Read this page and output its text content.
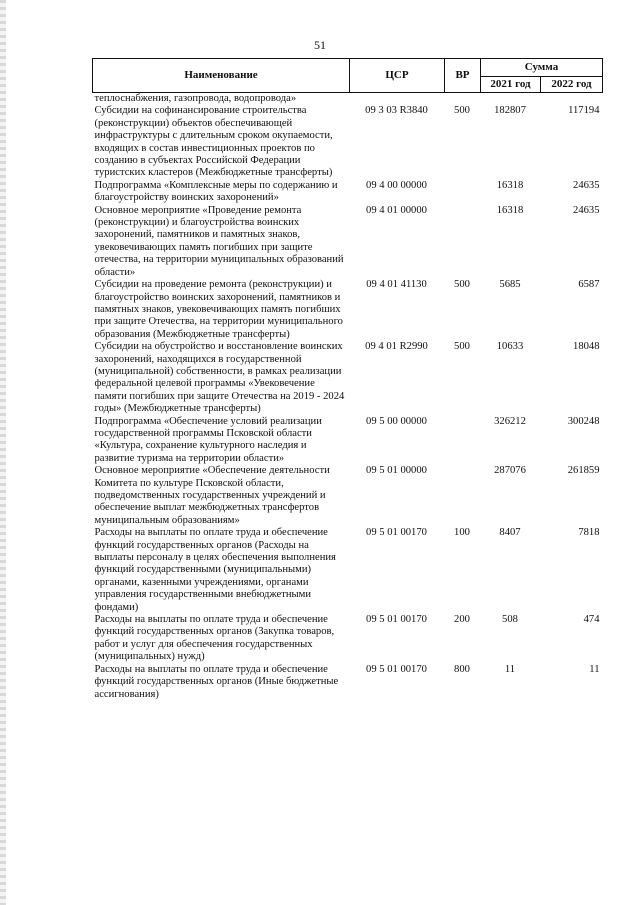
51
Наименование	ЦСР	ВР	Сумма	
			2021 год	2022 год
теплоснабжения, газопровода, водопровода»				
Субсидии на софинансирование строительства (реконструкции) объектов обеспечивающей инфраструктуры с длительным сроком окупаемости, входящих в состав инвестиционных проектов по созданию в субъектах Российской Федерации туристских кластеров (Межбюджетные трансферты)	09 3 03 R3840	500	182807	117194
Подпрограмма «Комплексные меры по содержанию и благоустройству воинских захоронений»	09 4 00 00000		16318	24635
Основное мероприятие «Проведение ремонта (реконструкции) и благоустройства воинских захоронений, памятников и памятных знаков, увековечивающих память погибших при защите отечества, на территории муниципальных образований области»	09 4 01 00000		16318	24635
Субсидии на проведение ремонта (реконструкции) и благоустройство воинских захоронений, памятников и памятных знаков, увековечивающих память погибших при защите Отечества, на территории муниципального образования (Межбюджетные трансферты)	09 4 01 41130	500	5685	6587
Субсидии на обустройство и восстановление воинских захоронений, находящихся в государственной (муниципальной) собственности, в рамках реализации федеральной целевой программы «Увековечение памяти погибших при защите Отечества на 2019 - 2024 годы» (Межбюджетные трансферты)	09 4 01 R2990	500	10633	18048
Подпрограмма «Обеспечение условий реализации государственной программы Псковской области «Культура, сохранение культурного наследия и развитие туризма на территории области»	09 5 00 00000		326212	300248
Основное мероприятие «Обеспечение деятельности Комитета по культуре Псковской области, подведомственных государственных учреждений и обеспечение выплат межбюджетных трансфертов муниципальным образованиям»	09 5 01 00000		287076	261859
Расходы на выплаты по оплате труда и обеспечение функций государственных органов (Расходы на выплаты персоналу в целях обеспечения выполнения функций государственными (муниципальными) органами, казенными учреждениями, органами управления государственными внебюджетными фондами)	09 5 01 00170	100	8407	7818
Расходы на выплаты по оплате труда и обеспечение функций государственных органов (Закупка товаров, работ и услуг для обеспечения государственных (муниципальных) нужд)	09 5 01 00170	200	508	474
Расходы на выплаты по оплате труда и обеспечение функций государственных органов (Иные бюджетные ассигнования)	09 5 01 00170	800	11	11
